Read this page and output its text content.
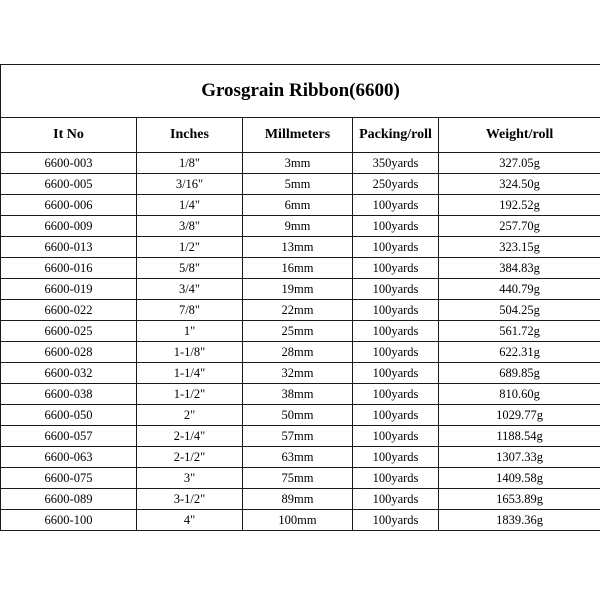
Grosgrain Ribbon(6600)				
It No	Inches	Millmeters	Packing/roll	Weight/roll
6600-003	1/8"	3mm	350yards	327.05g
6600-005	3/16"	5mm	250yards	324.50g
6600-006	1/4"	6mm	100yards	192.52g
6600-009	3/8"	9mm	100yards	257.70g
6600-013	1/2"	13mm	100yards	323.15g
6600-016	5/8"	16mm	100yards	384.83g
6600-019	3/4"	19mm	100yards	440.79g
6600-022	7/8"	22mm	100yards	504.25g
6600-025	1"	25mm	100yards	561.72g
6600-028	1-1/8"	28mm	100yards	622.31g
6600-032	1-1/4"	32mm	100yards	689.85g
6600-038	1-1/2"	38mm	100yards	810.60g
6600-050	2"	50mm	100yards	1029.77g
6600-057	2-1/4"	57mm	100yards	1188.54g
6600-063	2-1/2"	63mm	100yards	1307.33g
6600-075	3"	75mm	100yards	1409.58g
6600-089	3-1/2"	89mm	100yards	1653.89g
6600-100	4"	100mm	100yards	1839.36g
